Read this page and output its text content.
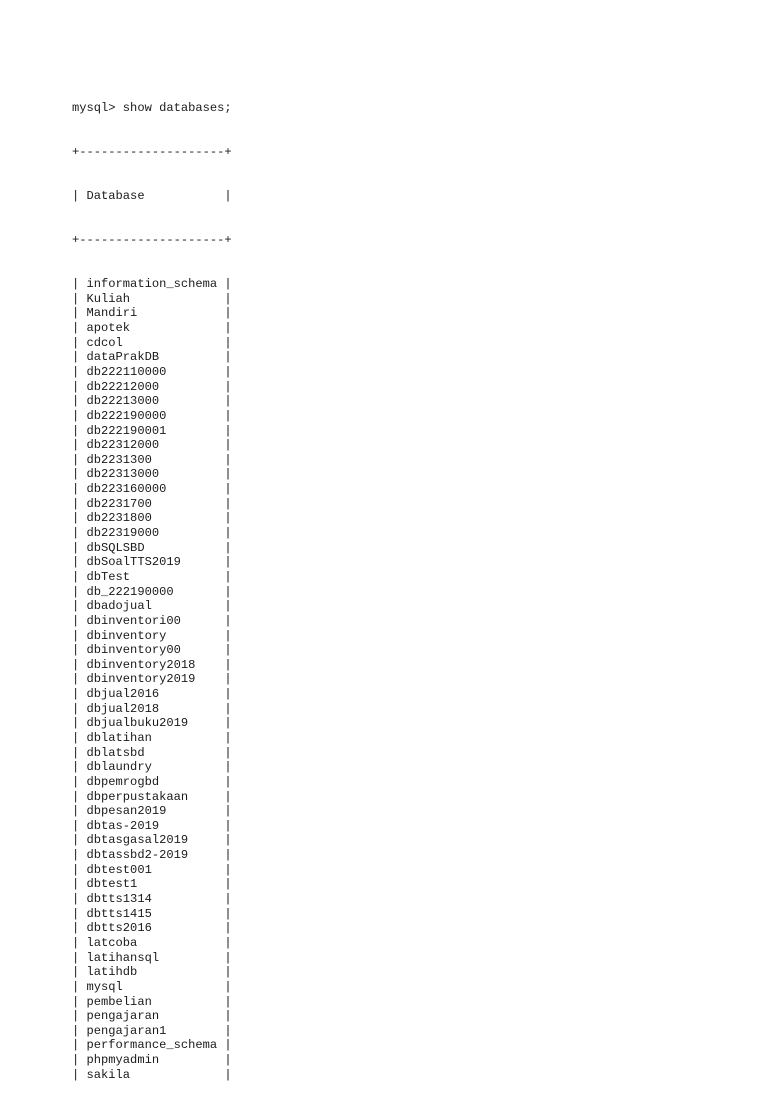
mysql> show databases;

+--------------------+

| Database           |

+--------------------+

| information_schema |
| Kuliah             |
| Mandiri            |
| apotek             |
| cdcol              |
| dataPrakDB         |
| db222110000        |
| db22212000         |
| db22213000         |
| db222190000        |
| db222190001        |
| db22312000         |
| db2231300          |
| db22313000         |
| db223160000        |
| db2231700          |
| db2231800          |
| db22319000         |
| dbSQLSBD           |
| dbSoalTTS2019      |
| dbTest             |
| db_222190000       |
| dbadojual          |
| dbinventori00      |
| dbinventory        |
| dbinventory00      |
| dbinventory2018    |
| dbinventory2019    |
| dbjual2016         |
| dbjual2018         |
| dbjualbuku2019     |
| dblatihan          |
| dblatsbd           |
| dblaundry          |
| dbpemrogbd         |
| dbperpustakaan     |
| dbpesan2019        |
| dbtas-2019         |
| dbtasgasal2019     |
| dbtassbd2-2019     |
| dbtest001          |
| dbtest1            |
| dbtts1314          |
| dbtts1415          |
| dbtts2016          |
| latcoba            |
| latihansql         |
| latihdb            |
| mysql              |
| pembelian          |
| pengajaran         |
| pengajaran1        |
| performance_schema |
| phpmyadmin         |
| sakila             |
